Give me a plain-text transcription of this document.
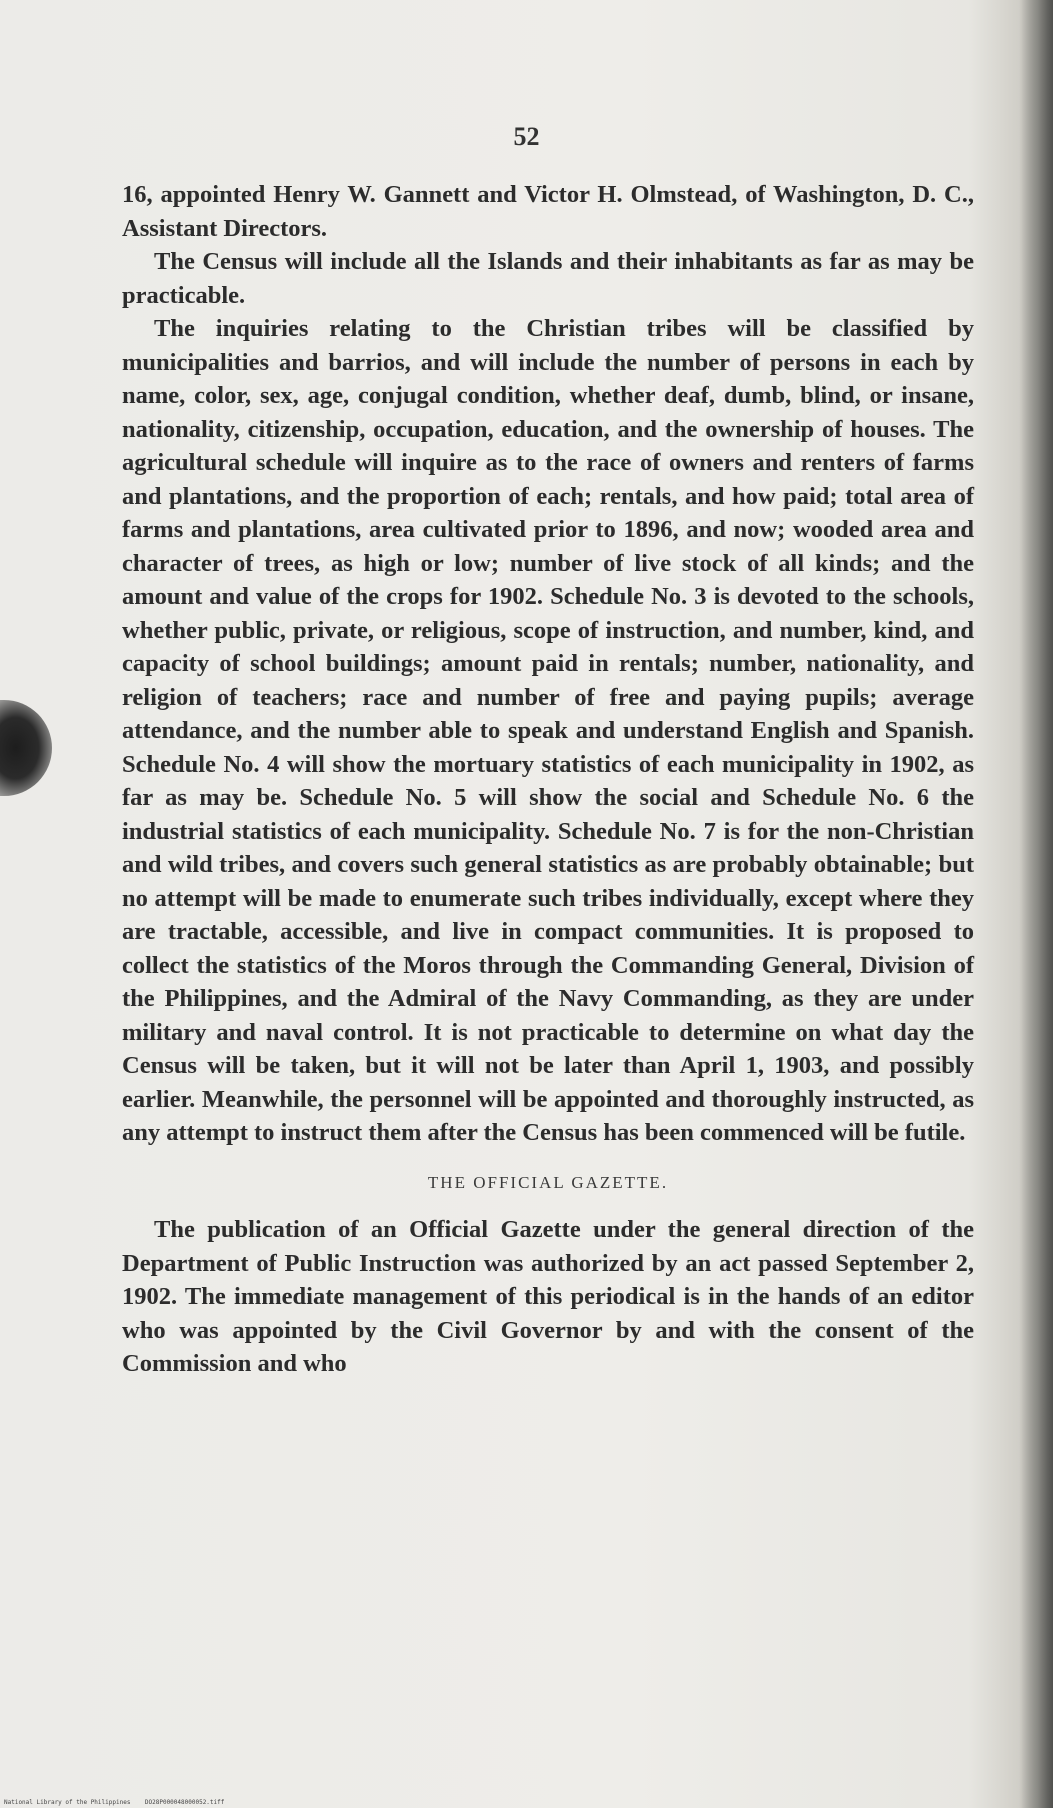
52

16, appointed Henry W. Gannett and Victor H. Olmstead, of Washington, D. C., Assistant Directors.

The Census will include all the Islands and their inhabitants as far as may be practicable.

The inquiries relating to the Christian tribes will be classified by municipalities and barrios, and will include the number of persons in each by name, color, sex, age, conjugal condition, whether deaf, dumb, blind, or insane, nationality, citizenship, occupation, education, and the ownership of houses. The agricultural schedule will inquire as to the race of owners and renters of farms and plantations, and the proportion of each; rentals, and how paid; total area of farms and plantations, area cultivated prior to 1896, and now; wooded area and character of trees, as high or low; number of live stock of all kinds; and the amount and value of the crops for 1902. Schedule No. 3 is devoted to the schools, whether public, private, or religious, scope of instruction, and number, kind, and capacity of school buildings; amount paid in rentals; number, nationality, and religion of teachers; race and number of free and paying pupils; average attendance, and the number able to speak and understand English and Spanish. Schedule No. 4 will show the mortuary statistics of each municipality in 1902, as far as may be. Schedule No. 5 will show the social and Schedule No. 6 the industrial statistics of each municipality. Schedule No. 7 is for the non-Christian and wild tribes, and covers such general statistics as are probably obtainable; but no attempt will be made to enumerate such tribes individually, except where they are tractable, accessible, and live in compact communities. It is proposed to collect the statistics of the Moros through the Commanding General, Division of the Philippines, and the Admiral of the Navy Commanding, as they are under military and naval control. It is not practicable to determine on what day the Census will be taken, but it will not be later than April 1, 1903, and possibly earlier. Meanwhile, the personnel will be appointed and thoroughly instructed, as any attempt to instruct them after the Census has been commenced will be futile.

THE OFFICIAL GAZETTE.

The publication of an Official Gazette under the general direction of the Department of Public Instruction was authorized by an act passed September 2, 1902. The immediate management of this periodical is in the hands of an editor who was appointed by the Civil Governor by and with the consent of the Commission and who

National Library of the Philippines DO28P000048000052.tiff
